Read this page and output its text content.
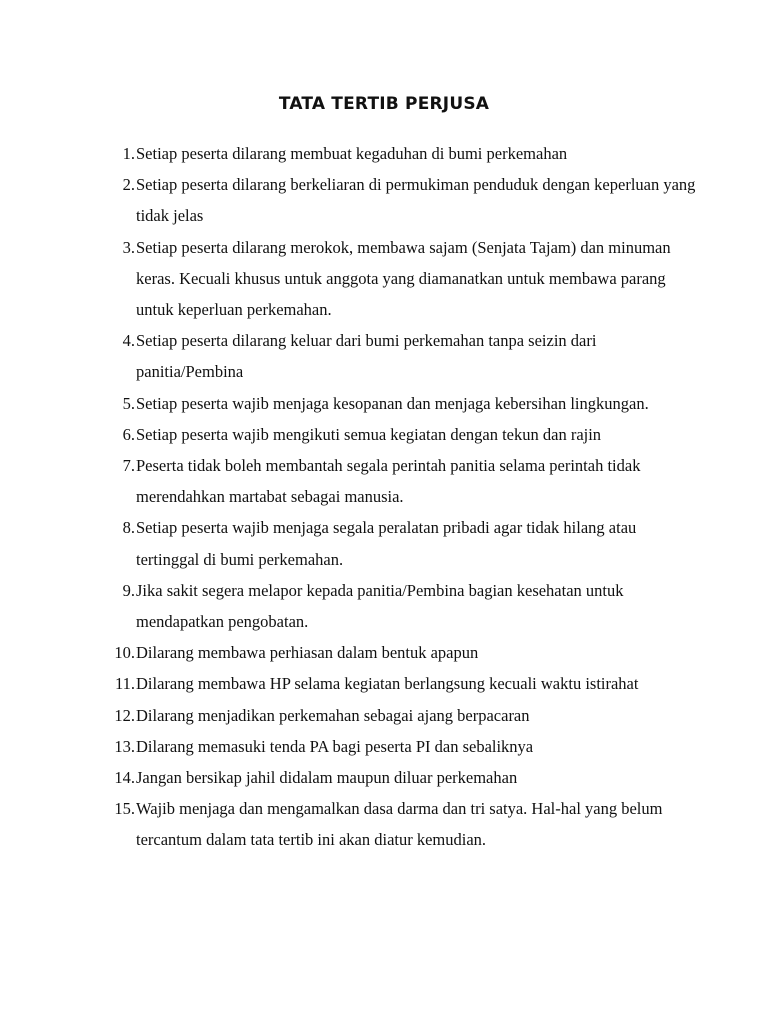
TATA TERTIB PERJUSA
1. Setiap peserta dilarang membuat kegaduhan di bumi perkemahan
2. Setiap peserta dilarang berkeliaran di permukiman penduduk dengan keperluan yang tidak jelas
3. Setiap peserta dilarang merokok, membawa sajam (Senjata Tajam) dan minuman keras. Kecuali khusus untuk anggota yang diamanatkan untuk membawa parang untuk keperluan perkemahan.
4. Setiap peserta dilarang keluar dari bumi perkemahan tanpa seizin dari panitia/Pembina
5. Setiap peserta wajib menjaga kesopanan dan menjaga kebersihan lingkungan.
6. Setiap peserta wajib mengikuti semua kegiatan dengan tekun dan rajin
7. Peserta tidak boleh membantah segala perintah panitia selama perintah tidak merendahkan martabat sebagai manusia.
8. Setiap peserta wajib menjaga segala peralatan pribadi agar tidak hilang atau tertinggal di bumi perkemahan.
9. Jika sakit segera melapor kepada panitia/Pembina bagian kesehatan untuk mendapatkan pengobatan.
10. Dilarang membawa perhiasan dalam bentuk apapun
11. Dilarang membawa HP selama kegiatan berlangsung kecuali waktu istirahat
12. Dilarang menjadikan perkemahan sebagai ajang berpacaran
13. Dilarang memasuki tenda PA bagi peserta PI dan sebaliknya
14. Jangan bersikap jahil didalam maupun diluar perkemahan
15. Wajib menjaga dan mengamalkan dasa darma dan tri satya. Hal-hal yang belum tercantum dalam tata tertib ini akan diatur kemudian.
